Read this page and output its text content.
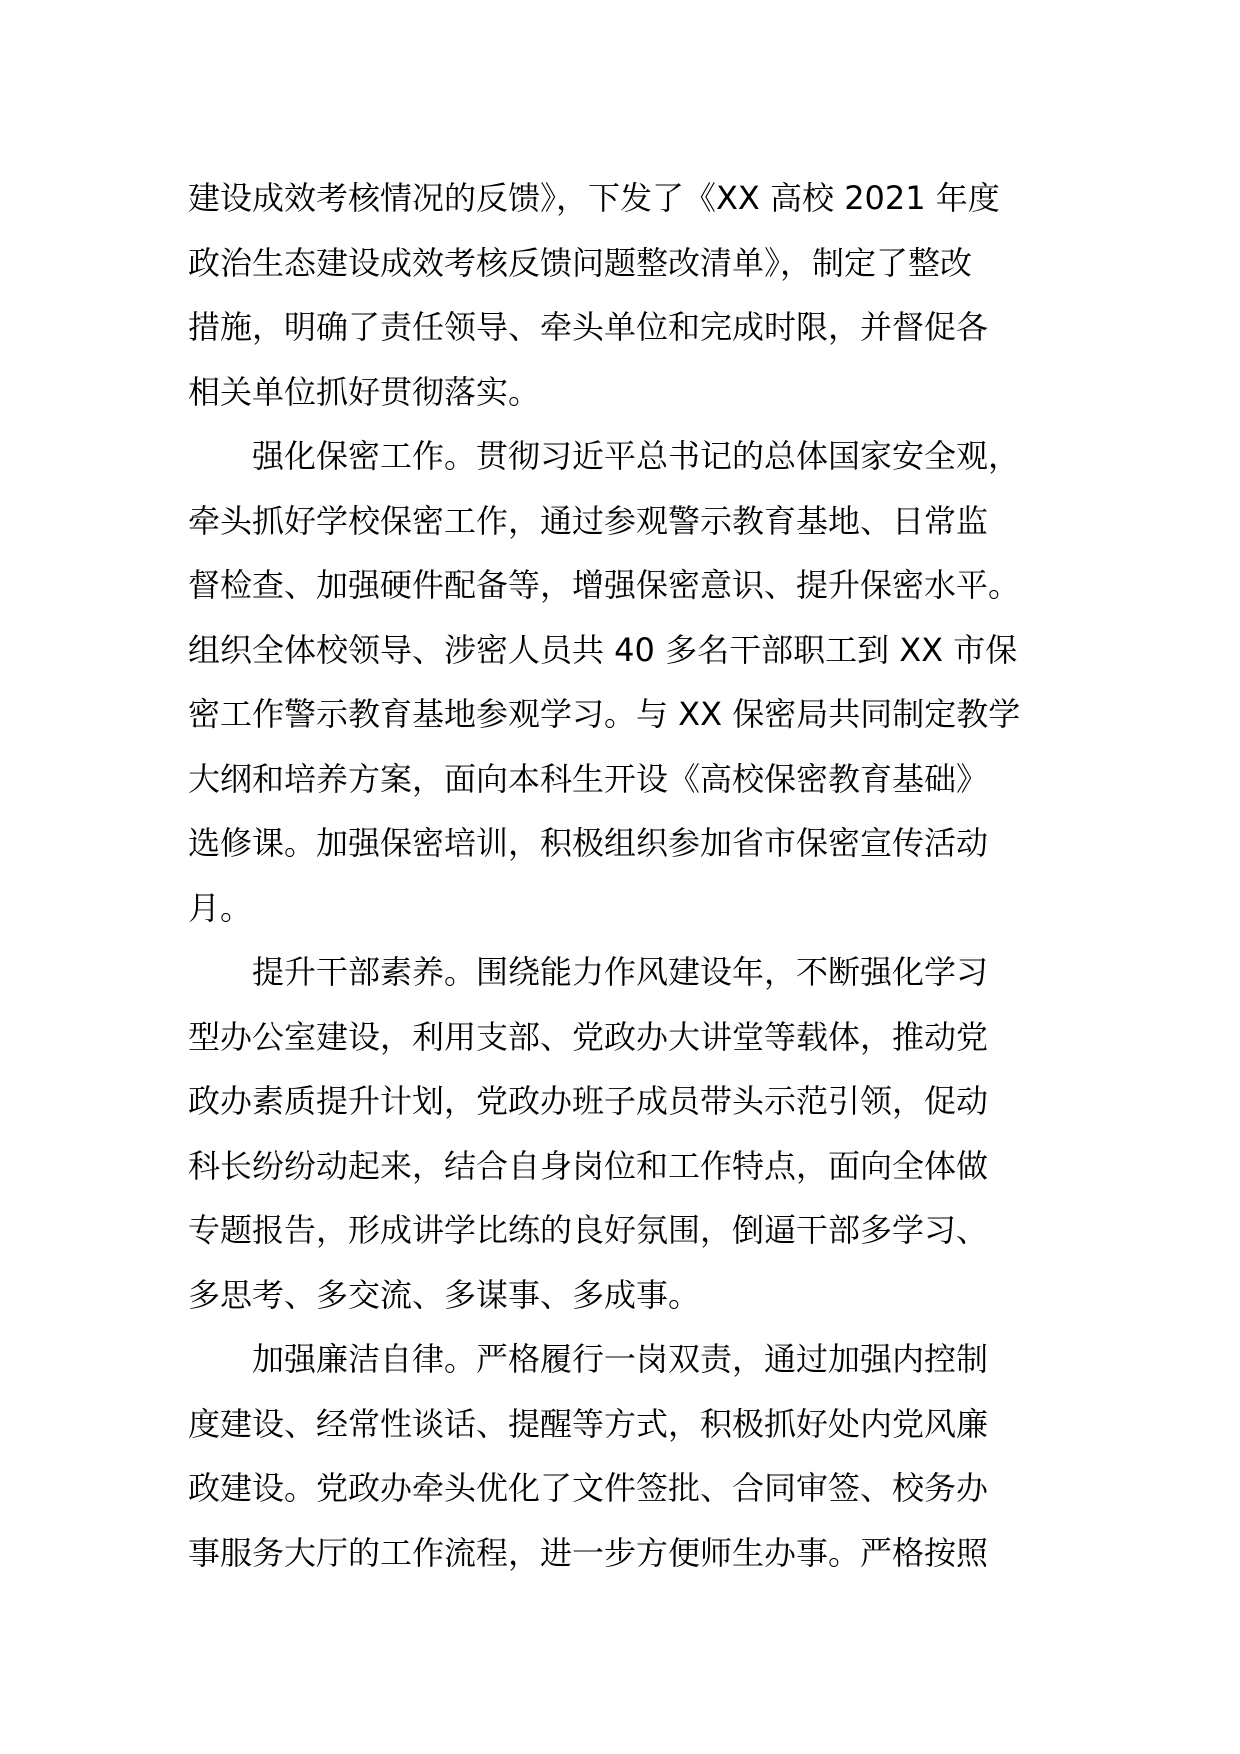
建设成效考核情况的反馈》，下发了《XX 高校 2021 年度
政治生态建设成效考核反馈问题整改清单》，制定了整改
措施，明确了责任领导、牵头单位和完成时限，并督促各
相关单位抓好贯彻落实。

强化保密工作。贯彻习近平总书记的总体国家安全观，
牵头抓好学校保密工作，通过参观警示教育基地、日常监
督检查、加强硬件配备等，增强保密意识、提升保密水平。
组织全体校领导、涉密人员共 40 多名干部职工到 XX 市保
密工作警示教育基地参观学习。与 XX 保密局共同制定教学
大纲和培养方案，面向本科生开设《高校保密教育基础》
选修课。加强保密培训，积极组织参加省市保密宣传活动
月。

提升干部素养。围绕能力作风建设年，不断强化学习
型办公室建设，利用支部、党政办大讲堂等载体，推动党
政办素质提升计划，党政办班子成员带头示范引领，促动
科长纷纷动起来，结合自身岗位和工作特点，面向全体做
专题报告，形成讲学比练的良好氛围，倒逼干部多学习、
多思考、多交流、多谋事、多成事。

加强廉洁自律。严格履行一岗双责，通过加强内控制
度建设、经常性谈话、提醒等方式，积极抓好处内党风廉
政建设。党政办牵头优化了文件签批、合同审签、校务办
事服务大厅的工作流程，进一步方便师生办事。严格按照
